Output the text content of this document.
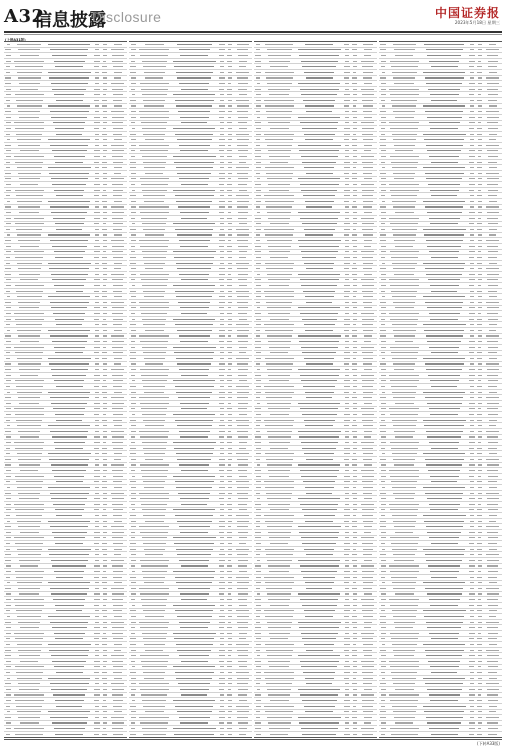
A32
信息披露
Disclosure	中国证券报
2023年5月18日 星期三
(上接A31版)
(下转A33版)
